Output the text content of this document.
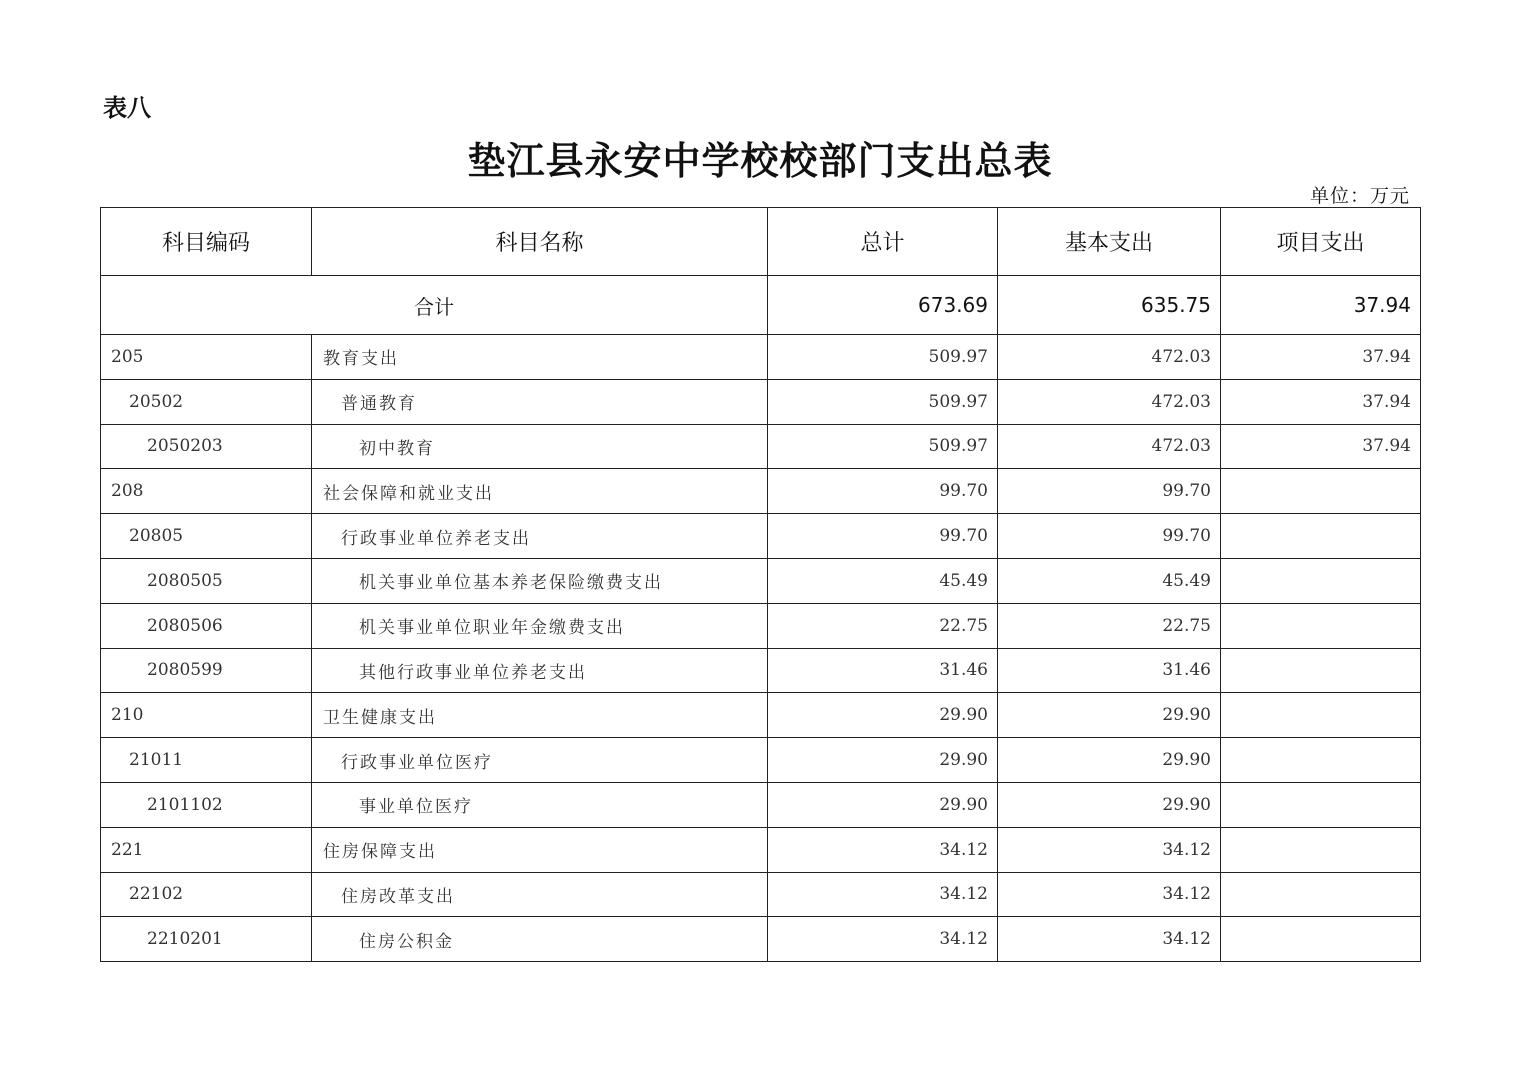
表八
垫江县永安中学校校部门支出总表
单位：万元
科目编码	科目名称	总计	基本支出	项目支出
合计		673.69	635.75	37.94
205	教育支出	509.97	472.03	37.94
20502	普通教育	509.97	472.03	37.94
2050203	初中教育	509.97	472.03	37.94
208	社会保障和就业支出	99.70	99.70	
20805	行政事业单位养老支出	99.70	99.70	
2080505	机关事业单位基本养老保险缴费支出	45.49	45.49	
2080506	机关事业单位职业年金缴费支出	22.75	22.75	
2080599	其他行政事业单位养老支出	31.46	31.46	
210	卫生健康支出	29.90	29.90	
21011	行政事业单位医疗	29.90	29.90	
2101102	事业单位医疗	29.90	29.90	
221	住房保障支出	34.12	34.12	
22102	住房改革支出	34.12	34.12	
2210201	住房公积金	34.12	34.12	
